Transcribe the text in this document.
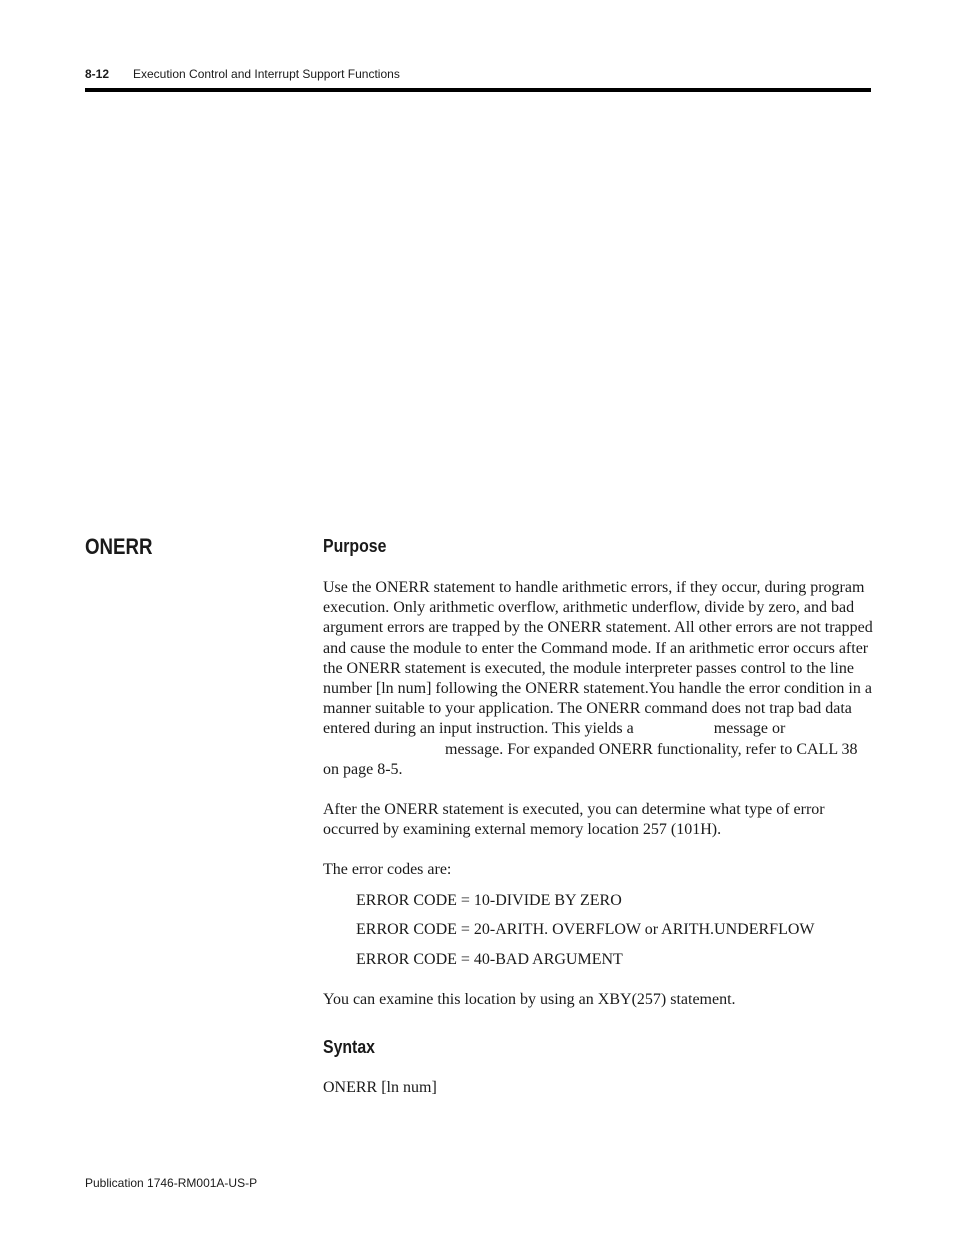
8-12 Execution Control and Interrupt Support Functions
ONERR	Purpose

Use the ONERR statement to handle arithmetic errors, if they occur, during program execution. Only arithmetic overflow, arithmetic underflow, divide by zero, and bad argument errors are trapped by the ONERR statement. All other errors are not trapped and cause the module to enter the Command mode. If an arithmetic error occurs after the ONERR statement is executed, the module interpreter passes control to the line number [ln num] following the ONERR statement.You handle the error condition in a manner suitable to your application. The ONERR command does not trap bad data entered during an input instruction. This yields a	message ormessage. For expanded ONERR functionality, refer to CALL 38 on page 8-5.

After the ONERR statement is executed, you can determine what type of error occurred by examining external memory location 257 (101H).

The error codes are:

ERROR CODE = 10-DIVIDE BY ZERO

ERROR CODE = 20-ARITH. OVERFLOW or ARITH.UNDERFLOW

ERROR CODE = 40-BAD ARGUMENT

You can examine this location by using an XBY(257) statement.

Syntax

ONERR [ln num]

Publication 1746-RM001A-US-P
